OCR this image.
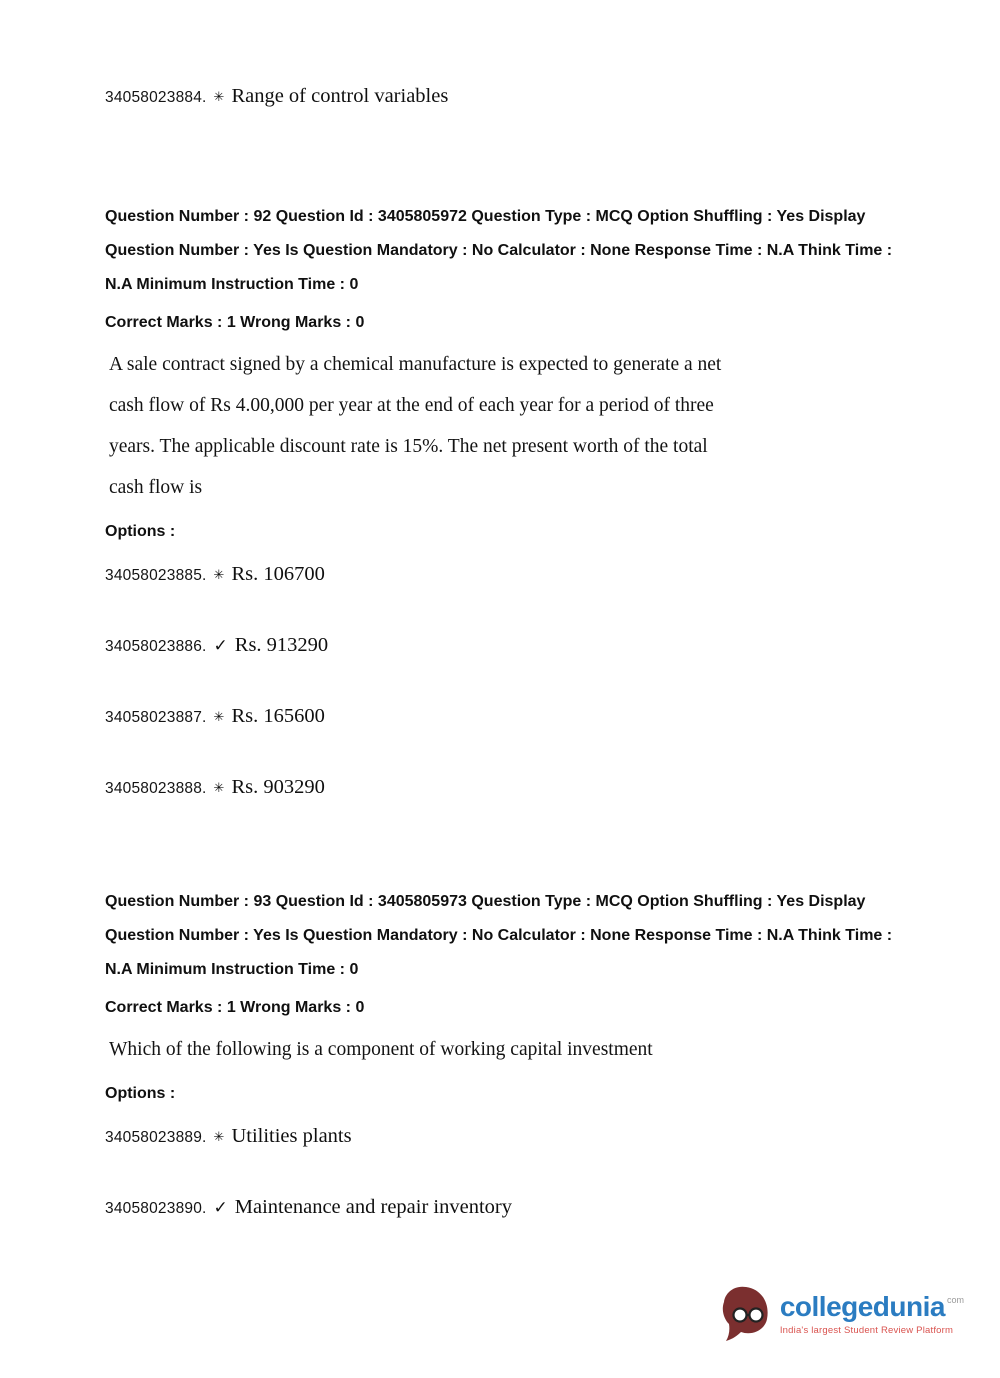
34058023884. ✳ Range of control variables

Question Number : 92 Question Id : 3405805972 Question Type : MCQ Option Shuffling : Yes Display Question Number : Yes Is Question Mandatory : No Calculator : None Response Time : N.A Think Time : N.A Minimum Instruction Time : 0

Correct Marks : 1 Wrong Marks : 0

A sale contract signed by a chemical manufacture is expected to generate a net cash flow of Rs 4.00,000 per year at the end of each year for a period of three years. The applicable discount rate is 15%. The net present worth of the total cash flow is

Options :

34058023885. ✳ Rs. 106700
34058023886. ✓ Rs. 913290
34058023887. ✳ Rs. 165600
34058023888. ✳ Rs. 903290

Question Number : 93 Question Id : 3405805973 Question Type : MCQ Option Shuffling : Yes Display Question Number : Yes Is Question Mandatory : No Calculator : None Response Time : N.A Think Time : N.A Minimum Instruction Time : 0

Correct Marks : 1 Wrong Marks : 0

Which of the following is a component of working capital investment

Options :

34058023889. ✳ Utilities plants
34058023890. ✓ Maintenance and repair inventory
collegedunia com
India's largest Student Review Platform
